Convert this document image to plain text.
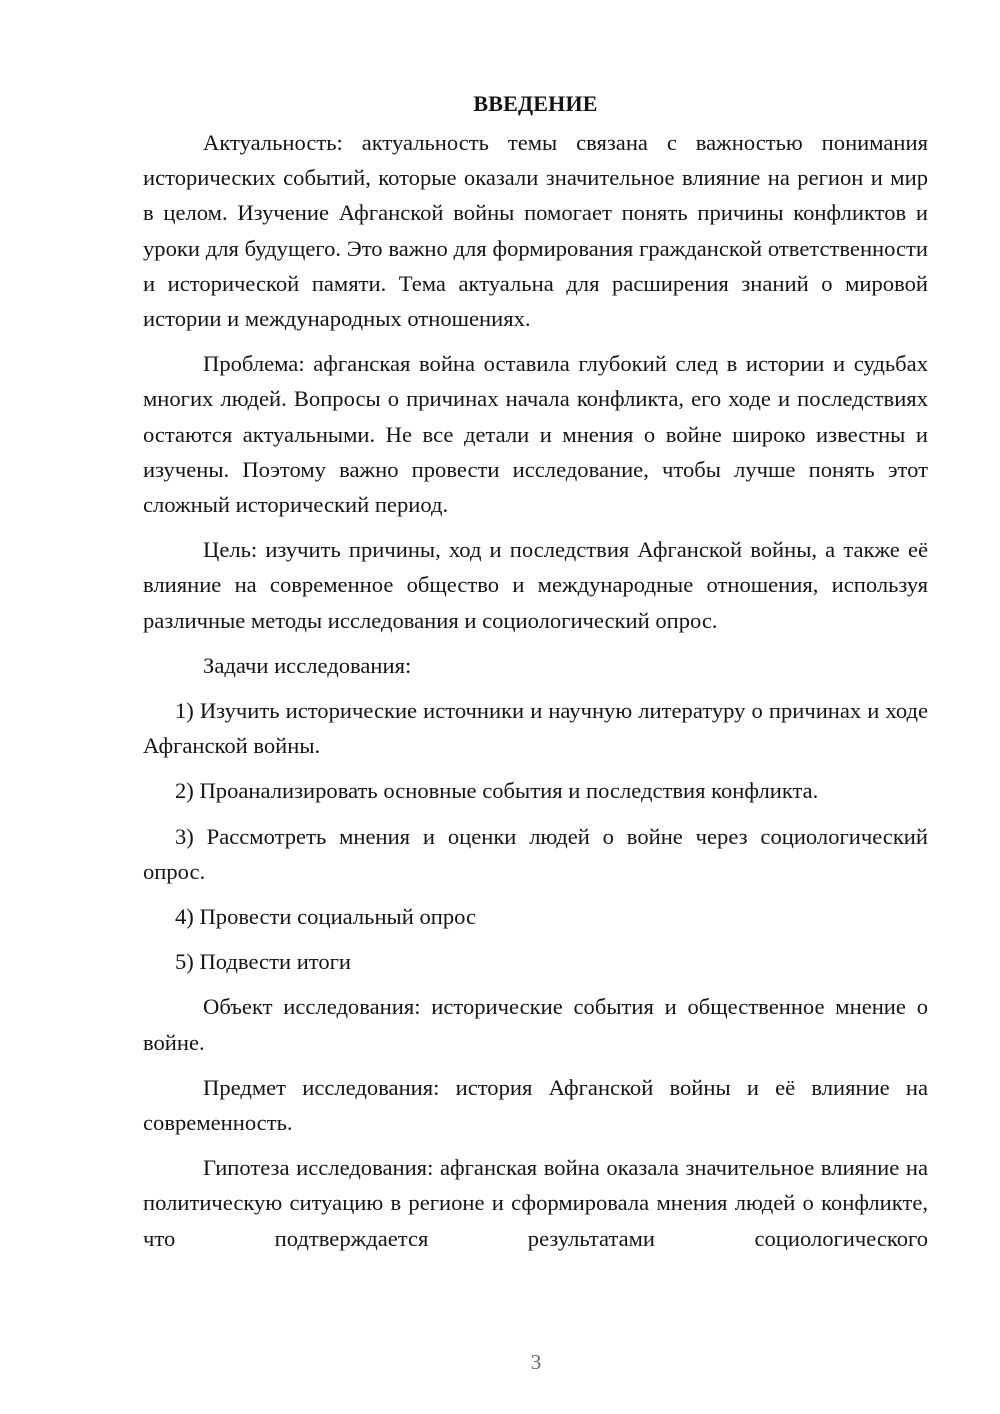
ВВЕДЕНИЕ

Актуальность: актуальность темы связана с важностью понимания исторических событий, которые оказали значительное влияние на регион и мир в целом. Изучение Афганской войны помогает понять причины конфликтов и уроки для будущего. Это важно для формирования гражданской ответственности и исторической памяти. Тема актуальна для расширения знаний о мировой истории и международных отношениях.

Проблема: афганская война оставила глубокий след в истории и судьбах многих людей. Вопросы о причинах начала конфликта, его ходе и последствиях остаются актуальными. Не все детали и мнения о войне широко известны и изучены. Поэтому важно провести исследование, чтобы лучше понять этот сложный исторический период.

Цель: изучить причины, ход и последствия Афганской войны, а также её влияние на современное общество и международные отношения, используя различные методы исследования и социологический опрос.

Задачи исследования:

1) Изучить исторические источники и научную литературу о причинах и ходе Афганской войны.

2) Проанализировать основные события и последствия конфликта.

3) Рассмотреть мнения и оценки людей о войне через социологический опрос.

4) Провести социальный опрос

5) Подвести итоги

Объект исследования: исторические события и общественное мнение о войне.

Предмет исследования: история Афганской войны и её влияние на современность.

Гипотеза исследования: афганская война оказала значительное влияние на политическую ситуацию в регионе и сформировала мнения людей о конфликте, что подтверждается результатами социологического

3
